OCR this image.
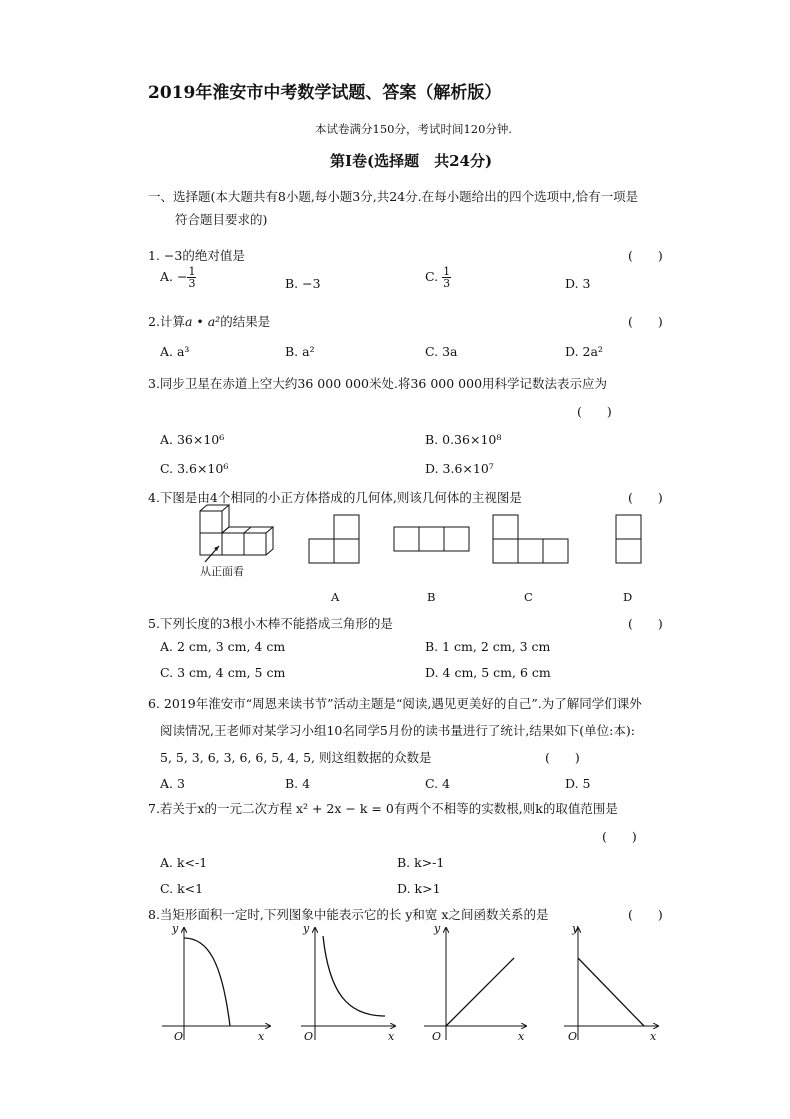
2019年淮安市中考数学试题、答案（解析版）
本试卷满分150分，考试时间120分钟.
第Ⅰ卷(选择题　共24分)
一、选择题(本大题共有8小题,每小题3分,共24分.在每小题给出的四个选项中,恰有一项是
符合题目要求的)
1. −3的绝对值是	(　　)
A. − $\frac{1}{3}$	B. −3	C. $\frac{1}{3}$	D. 3
2.计算a • a²的结果是	(　　)
A. a³	B. a²	C. 3a	D. 2a²
3.同步卫星在赤道上空大约36 000 000米处.将36 000 000用科学记数法表示应为
(　　)
A. 36×10⁶	B. 0.36×10⁸
C. 3.6×10⁶	D. 3.6×10⁷
4.下图是由4个相同的小正方体搭成的几何体,则该几何体的主视图是	(　　)
从正面看
A	B	C	D
5.下列长度的3根小木棒不能搭成三角形的是	(　　)
A. 2 cm, 3 cm, 4 cm	B. 1 cm, 2 cm, 3 cm
C. 3 cm, 4 cm, 5 cm	D. 4 cm, 5 cm, 6 cm
6. 2019年淮安市“周恩来读书节”活动主题是“阅读,遇见更美好的自己”.为了解同学们课外
阅读情况,王老师对某学习小组10名同学5月份的读书量进行了统计,结果如下(单位:本):
5, 5, 3, 6, 3, 6, 6, 5, 4, 5, 则这组数据的众数是	(　　)
A. 3	B. 4	C. 4	D. 5
7.若关于x的一元二次方程 x² + 2x − k = 0有两个不相等的实数根,则k的取值范围是
(　　)
A. k<-1	B. k>-1
C. k<1	D. k>1
8.当矩形面积一定时,下列图象中能表示它的长 y和宽 x之间函数关系的是	(　　)
y
x
O
y
x
O
y
x
O
y
x
O
